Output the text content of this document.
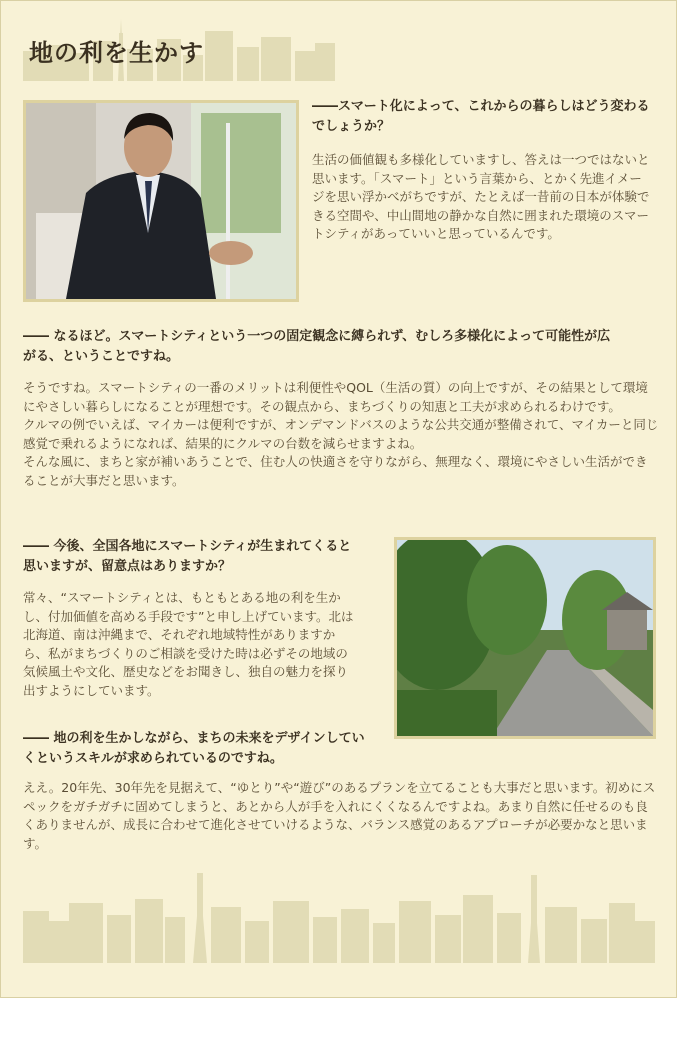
地の利を生かす

――スマート化によって、これからの暮らしはどう変わるでしょうか？

生活の価値観も多様化していますし、答えは一つではないと思います。「スマート」という言葉から、とかく先進イメージを思い浮かべがちですが、たとえば一昔前の日本が体験できる空間や、中山間地の静かな自然に囲まれた環境のスマートシティがあっていいと思っているんです。

―― なるほど。スマートシティという一つの固定観念に縛られず、むしろ多様化によって可能性が広がる、ということですね。

そうですね。スマートシティの一番のメリットは利便性やQOL（生活の質）の向上ですが、その結果として環境にやさしい暮らしになることが理想です。その観点から、まちづくりの知恵と工夫が求められるわけです。
クルマの例でいえば、マイカーは便利ですが、オンデマンドバスのような公共交通が整備されて、マイカーと同じ感覚で乗れるようになれば、結果的にクルマの台数を減らせますよね。
そんな風に、まちと家が補いあうことで、住む人の快適さを守りながら、無理なく、環境にやさしい生活ができることが大事だと思います。

―― 今後、全国各地にスマートシティが生まれてくると思いますが、留意点はありますか？

常々、“スマートシティとは、もともとある地の利を生かし、付加価値を高める手段です”と申し上げています。北は北海道、南は沖縄まで、それぞれ地域特性がありますから、私がまちづくりのご相談を受けた時は必ずその地域の気候風土や文化、歴史などをお聞きし、独自の魅力を探り出すようにしています。

―― 地の利を生かしながら、まちの未来をデザインしていくというスキルが求められているのですね。

ええ。20年先、30年先を見据えて、“ゆとり”や“遊び”のあるプランを立てることも大事だと思います。初めにスペックをガチガチに固めてしまうと、あとから人が手を入れにくくなるんですよね。あまり自然に任せるのも良くありませんが、成長に合わせて進化させていけるような、バランス感覚のあるアプローチが必要かなと思います。
